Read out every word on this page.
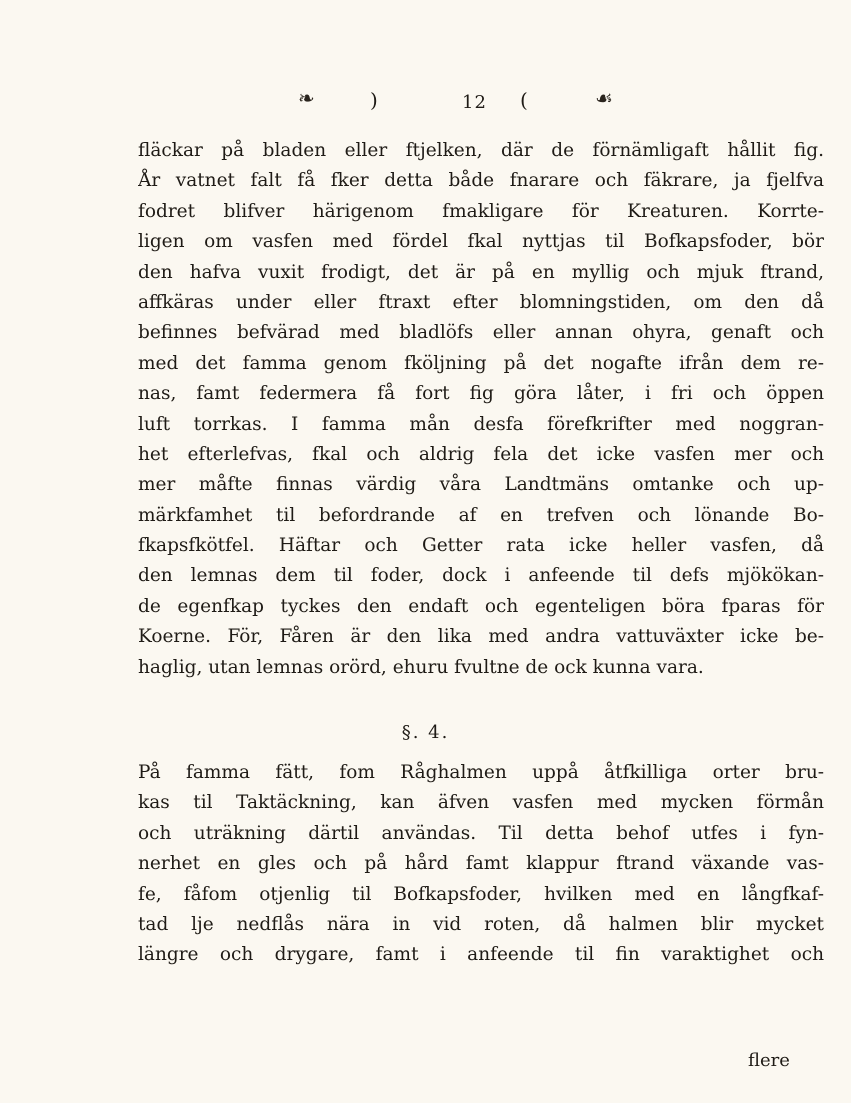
❧	)	12 (	☙
fläckar på bladen eller ftjelken, där de förnämligaft hållit fig.
År vatnet falt få fker detta både fnarare och fäkrare, ja fjelfva
fodret blifver härigenom fmakligare för Kreaturen. Korrte-
ligen om vasfen med fördel fkal nyttjas til Bofkapsfoder, bör
den hafva vuxit frodigt, det är på en myllig och mjuk ftrand,
affkäras under eller ftraxt efter blomningstiden, om den då
befinnes befvärad med bladlöfs eller annan ohyra, genaft och
med det famma genom fköljning på det nogafte ifrån dem re-
nas, famt federmera få fort fig göra låter, i fri och öppen
luft torrkas. I famma mån desfa förefkrifter med noggran-
het efterlefvas, fkal och aldrig fela det icke vasfen mer och
mer måfte finnas värdig våra Landtmäns omtanke och up-
märkfamhet til befordrande af en trefven och lönande Bo-
fkapsfkötfel. Häftar och Getter rata icke heller vasfen, då
den lemnas dem til foder, dock i anfeende til defs mjökökan-
de egenfkap tyckes den endaft och egenteligen böra fparas för
Koerne. För, Fåren är den lika med andra vattuväxter icke be-
haglig, utan lemnas orörd, ehuru fvultne de ock kunna vara.
§. 4.
På famma fätt, fom Råghalmen uppå åtfkilliga orter bru-
kas til Taktäckning, kan äfven vasfen med mycken förmån
och uträkning därtil användas. Til detta behof utfes i fyn-
nerhet en gles och på hård famt klappur ftrand växande vas-
fe, fåfom otjenlig til Bofkapsfoder, hvilken med en långfkaf-
tad lje nedflås nära in vid roten, då halmen blir mycket
längre och drygare, famt i anfeende til fin varaktighet och
flere
